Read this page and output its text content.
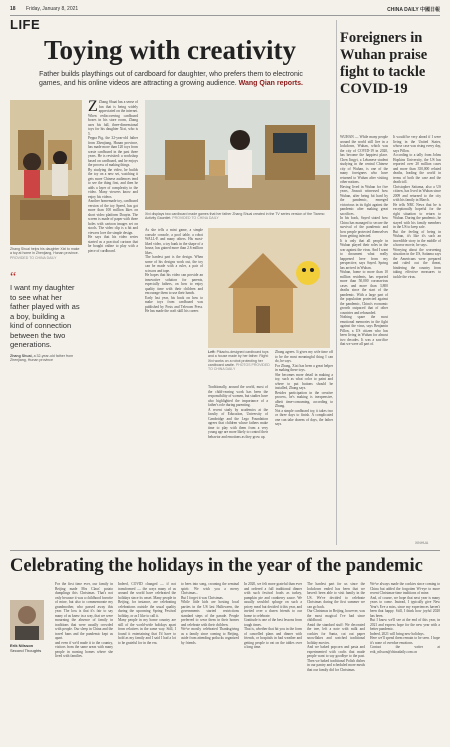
18 Friday, January 8, 2021	CHINA DAILY 中國日報
LIFE
Toying with creativity
Father builds playthings out of cardboard for daughter, who prefers them to electronic games, and his online videos are attracting a growing audience. Wang Qian reports.
Zhang Shuai helps his daughter Xixi to make a toy at home in Zhenjiang, Hunan province. PROVIDED TO CHINA DAILY
“
I want my daughter to see what her father played with as a boy, building a kind of connection between the two generations.
Zhang Shuai, a 32-year-old father from Zhenjiang, Hunan province
Z Zhang Shuai has a sense of fun that is being widely appreciated on the internet. When rediscovering cardboard boxes in his store room, Zhang uses his full, three-dimensional toys for his daughter Xixi, who is 5.

Peppa Pig, the 32-year-old father from Zhenjiang, Hunan province, has made more than 120 toys from waste cardboard in the past three years. He is revisited: a workshop based on cardboard, and he enjoys the process of making things.

By studying the video, he builds the toy on a new set, watching it gets more Chinese audiences tend to see the thing first, and then he adds a layer of complexity to the video. Many viewers know and enjoy his videos.

Another homemade toy, cardboard version of the toy Speed, has got more than 100 million likes on short video platform Douyin. The screen is made of paper with three holes with cartoon images set on stools. The video clip is a hit and viewers love the simple design.

He says that his video series started as a practical cartoon that he bought online to play with a piece of cardboard.

Xixi displays two cardboard made games that her father Zhang Shuai created in the TV series version of the Tianmo Activity Gauntlet. PROVIDED TO CHINA DAILY

As she tells a mini game, a simple console console, a pool table, a robot WALL-E and many others. His most-liked video, a toy bank in the shape of a house, has gained more than 2.6 million likes.

The hardest part is the design. When some of his designs work out, the toy can be made with a ruler, a pair of scissors and tape.

He hopes that his video can provide an innovative solution for parents, especially fathers, on how to enjoy quality time with their children and encourage them to use their hands.

Early last year, his book on how to make toys from cardboard was published by Posts and Telecom Press. He has made the craft skill his career.

Left: Pikachu-designed cardboard toys and a house made by her father. Right: Xixi works on a robot protecting her cardboard castle. PHOTOS PROVIDED TO CHINA DAILY

Traditionally, around the world, most of the child-rearing work has been the responsibility of women, but studies have also highlighted the importance of a father's role during parenting.

A recent study by academics at the faculty of Education, University of Cambridge and the Lego Foundation agrees that children whose fathers make time to play with them from a very young age are more likely to control their behavior and emotions as they grow up.

Zhang agrees. It gives my wife time off to be the most meaningful thing I can do, he says.

For Zhang, Xixi has been a great helper in making these toys.

She becomes more detail in making a toy, such as what color to paint and where to put buttons should be installed, Zhang says.

Besides participation in the creative process, he's making is inexpensive, albeit time-consuming, according to Zhang.

Not a simple cardboard toy, it takes two or three days to finish. A complicated one can take dozens of days, the father says.

Foreigners in Wuhan praise fight to tackle COVID-19

WUHAN — While many people around the world still live in a lockdown, Wuhan, which was the city of COVID-19 in 2020, has become the happiest place. Chen Jingyi, a Lebanese student studying in the central Chinese city of Wuhan, is one of the many foreigners who have returned to Wuhan after visiting other nations.

Having lived in Wuhan for five years, Jirasuit witnessed how Wuhan, after being hit hard by the pandemic, emerged victorious in its fight against the pandemic after making great sacrifices.

In his book, Sayed stated how China has managed to secure the survival of the pandemic and how people protected themselves from getting infected.

It is only that all people in Wuhan played their roles in the war against the virus. And I want to document what really happened here from my perspective, says Sayed. Spring has arrived in Wuhan.

Wuhan, home to more than 10 million residents, has reported more than 50,000 coronavirus cases and more than 3,800 deaths since the start of the pandemic. With a large part of the population protected against the pandemic, China's economic growth outpaced that of other countries and rebounded.

Nothing spare the most emotional memories in the fight against the virus, says Benjamin Pillon, a US citizen who has been living in Wuhan for almost two decades. It was a sacrifice that we were all part of.

It would be very ahead if I were living in the United States, whose case was rising every day, says Pillon.

According to a tally from Johns Hopkins University, the US has reported over 20 million cases and more than 350,000 related deaths, leading the world in terms of both the case and the death toll.

Christopher Saitama, also a US citizen, has lived in Wuhan since 2009 and returned to the city with his family in March.

He tells NBC News that he is exceptionally hopeful for the right situation to return to Wuhan. During the pandemic, he stayed with his family members in the US to keep safe.

But the feeling of being in Wuhan, it's like it's such an incredible story in the middle of a horror movie, he says.

Worrying about the worsening situation in the US, Saitama says the Americans were prepared and ruled out the threat, hindering the country from taking effective measures to tackle the virus.

XINHUA
Celebrating the holidays in the year of the pandemic
Erik Nilsson
Second Thoughts

For the first time ever, our family in Beijing made Mrs Claus' potato dumplings this Christmas. That's not only because it was a childhood favorite of mine, but also to commemorate my grandmother, who passed away this year. The loss is that it's fair to say many of us knew in a way, that we were mourning the absence of family in traditions that were usually crowded with people. Our sleep in China and the travel bans and the pandemic kept us apart.

and even if we'd made it to the country, visitors from the same areas with many people in nursing homes where she lived with families.

Indeed, COVID changed — if not transformed — the ways many of us around the world have celebrated the holidays since its onset. Many people in Beijing, for instance, are celebrating celebrations outside the usual quality during the upcoming Spring Festival holiday, or as I like to call it.

Many people in my home country are still of the world-wide holidays apart from relatives in the same way. Still, I found it entertaining that I'd have to hold as my family and I said I had a lot to be grateful for in the era.

to bees into song, crooning the seminal spirit: We wish you a merry Christmas...

But I forget it was Christmas.

While little kids are hosting local parties in the US last Halloween, the governments started restrictions standard steps of the parade. People preferred to wear them in their homes and celebrate with their children.

We've mostly celebrated Thanksgiving as a family since coming to Beijing, aside from attending potlucks organized by friends.

In 2020, we felt more grateful than ever and ordered a full traditional dinner with such festival foods as turkey, pumpkin pie and cranberry sauce. We usually wouldn't splurge on such a pricey meal but decided it this year, and invited over a dozen friends to our home to celebrate.

Gratitude is one of the best lessons from tough times.

That is, whether that hit you in the form of cancelled plans and dinner with friends, or hospitals in bad weather and getting people to eat on the tables over a long time.

The hardest part for us since the lockdown ended has been that we haven't been able to visit family in the US. We've decided to celebrate Christmas during the first summer we can go back.

Our Christmas in Beijing, however, was the most magical I've had since childhood.

Amid the standard stuff: We decorated the tree, left a note with milk and cookies for Santa, cut out paper snowflakes and watched traditional holiday movies.

And we baked popcorn and pasta and experimented with crafts that made people want to say goodbye to the past. Then we baked traditional Polish dishes in our pantry and scheduled more meals that our family did for Christmas.

We've always made the cookies since coming to China but added the forgotten Wi-eye to more recent Christmas-time traditions of mine.

And, of course, we hope that next year is many years to come. Instead, I typically give New Year's Eve a miss, since my experiences haven't been that happy. Still, I think how joyful 2020 has been.

But I know we'll see at the end of this year, in 2021 and express hope for the new year with a better pandemic.

Indeed, 2021 will bring new holidays.

Here we'll spend them remain to be seen. I hope it's none of overdue emotions.

Contact the writer at erik_nilsson@chinadaily.com.cn
